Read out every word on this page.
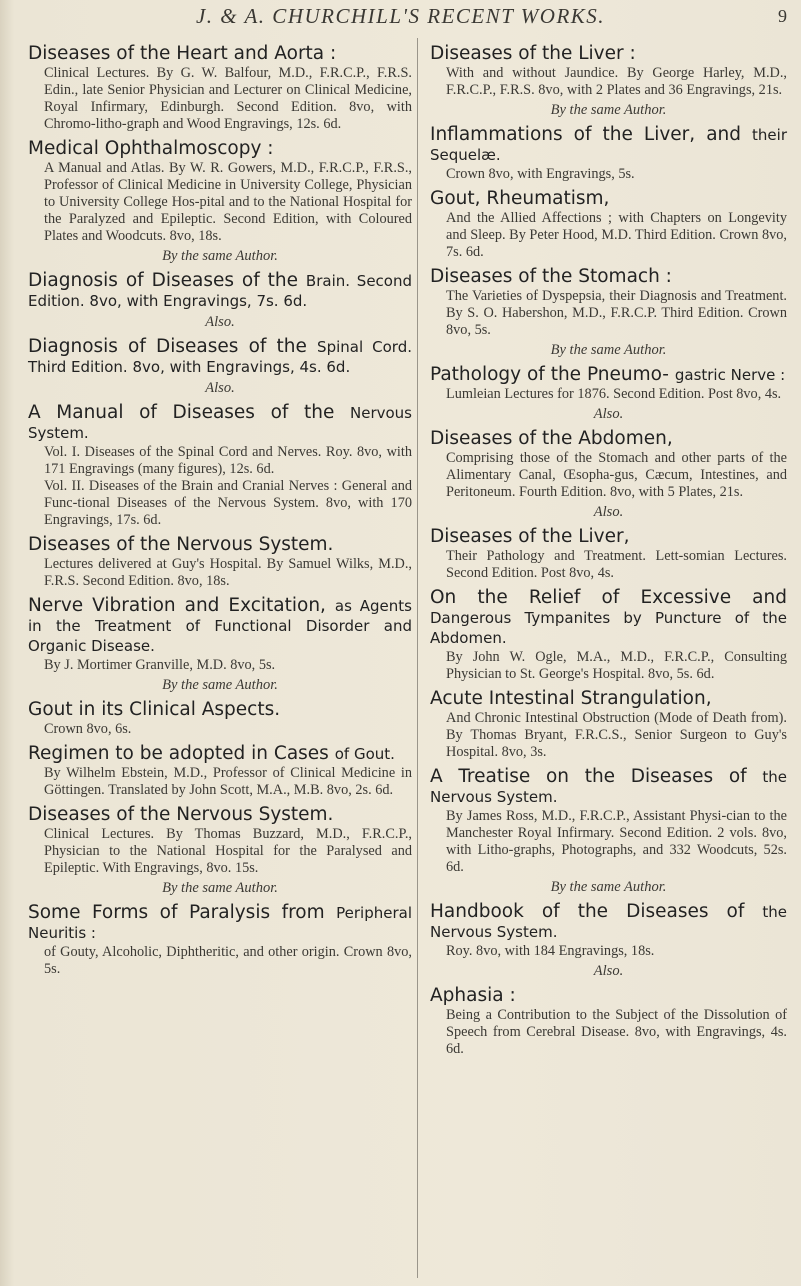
J. & A. CHURCHILL'S RECENT WORKS.	9
Diseases of the Heart and Aorta :
Clinical Lectures. By G. W. Balfour, M.D., F.R.C.P., F.R.S. Edin., late Senior Physician and Lecturer on Clinical Medicine, Royal Infirmary, Edinburgh. Second Edition. 8vo, with Chromo-litho-graph and Wood Engravings, 12s. 6d.
Medical Ophthalmoscopy :
A Manual and Atlas. By W. R. Gowers, M.D., F.R.C.P., F.R.S., Professor of Clinical Medicine in University College, Physician to University College Hos-pital and to the National Hospital for the Paralyzed and Epileptic. Second Edition, with Coloured Plates and Woodcuts. 8vo, 18s.
By the same Author.
Diagnosis of Diseases of the Brain. Second Edition. 8vo, with Engravings, 7s. 6d.
Also.
Diagnosis of Diseases of the Spinal Cord. Third Edition. 8vo, with Engravings, 4s. 6d.
Also.
A Manual of Diseases of the Nervous System.
Vol. I. Diseases of the Spinal Cord and Nerves. Roy. 8vo, with 171 Engravings (many figures), 12s. 6d.
Vol. II. Diseases of the Brain and Cranial Nerves : General and Func-tional Diseases of the Nervous System. 8vo, with 170 Engravings, 17s. 6d.
Diseases of the Nervous System.
Lectures delivered at Guy's Hospital. By Samuel Wilks, M.D., F.R.S. Second Edition. 8vo, 18s.
Nerve Vibration and Excitation, as Agents in the Treatment of Functional Disorder and Organic Disease.
By J. Mortimer Granville, M.D. 8vo, 5s.
By the same Author.
Gout in its Clinical Aspects.
Crown 8vo, 6s.
Regimen to be adopted in Cases of Gout.
By Wilhelm Ebstein, M.D., Professor of Clinical Medicine in Göttingen. Translated by John Scott, M.A., M.B. 8vo, 2s. 6d.
Diseases of the Nervous System.
Clinical Lectures. By Thomas Buzzard, M.D., F.R.C.P., Physician to the National Hospital for the Paralysed and Epileptic. With Engravings, 8vo. 15s.
By the same Author.
Some Forms of Paralysis from Peripheral Neuritis :
of Gouty, Alcoholic, Diphtheritic, and other origin. Crown 8vo, 5s.
Diseases of the Liver :
With and without Jaundice. By George Harley, M.D., F.R.C.P., F.R.S. 8vo, with 2 Plates and 36 Engravings, 21s.
By the same Author.
Inflammations of the Liver, and their Sequelæ.
Crown 8vo, with Engravings, 5s.
Gout, Rheumatism,
And the Allied Affections ; with Chapters on Longevity and Sleep. By Peter Hood, M.D. Third Edition. Crown 8vo, 7s. 6d.
Diseases of the Stomach :
The Varieties of Dyspepsia, their Diagnosis and Treatment. By S. O. Habershon, M.D., F.R.C.P. Third Edition. Crown 8vo, 5s.
By the same Author.
Pathology of the Pneumo- gastric Nerve :
Lumleian Lectures for 1876. Second Edition. Post 8vo, 4s.
Also.
Diseases of the Abdomen,
Comprising those of the Stomach and other parts of the Alimentary Canal, Œsopha-gus, Cæcum, Intestines, and Peritoneum. Fourth Edition. 8vo, with 5 Plates, 21s.
Also.
Diseases of the Liver,
Their Pathology and Treatment. Lett-somian Lectures. Second Edition. Post 8vo, 4s.
On the Relief of Excessive and Dangerous Tympanites by Puncture of the Abdomen.
By John W. Ogle, M.A., M.D., F.R.C.P., Consulting Physician to St. George's Hospital. 8vo, 5s. 6d.
Acute Intestinal Strangulation,
And Chronic Intestinal Obstruction (Mode of Death from). By Thomas Bryant, F.R.C.S., Senior Surgeon to Guy's Hospital. 8vo, 3s.
A Treatise on the Diseases of the Nervous System.
By James Ross, M.D., F.R.C.P., Assistant Physi-cian to the Manchester Royal Infirmary. Second Edition. 2 vols. 8vo, with Litho-graphs, Photographs, and 332 Woodcuts, 52s. 6d.
By the same Author.
Handbook of the Diseases of the Nervous System.
Roy. 8vo, with 184 Engravings, 18s.
Also.
Aphasia :
Being a Contribution to the Subject of the Dissolution of Speech from Cerebral Disease. 8vo, with Engravings, 4s. 6d.
